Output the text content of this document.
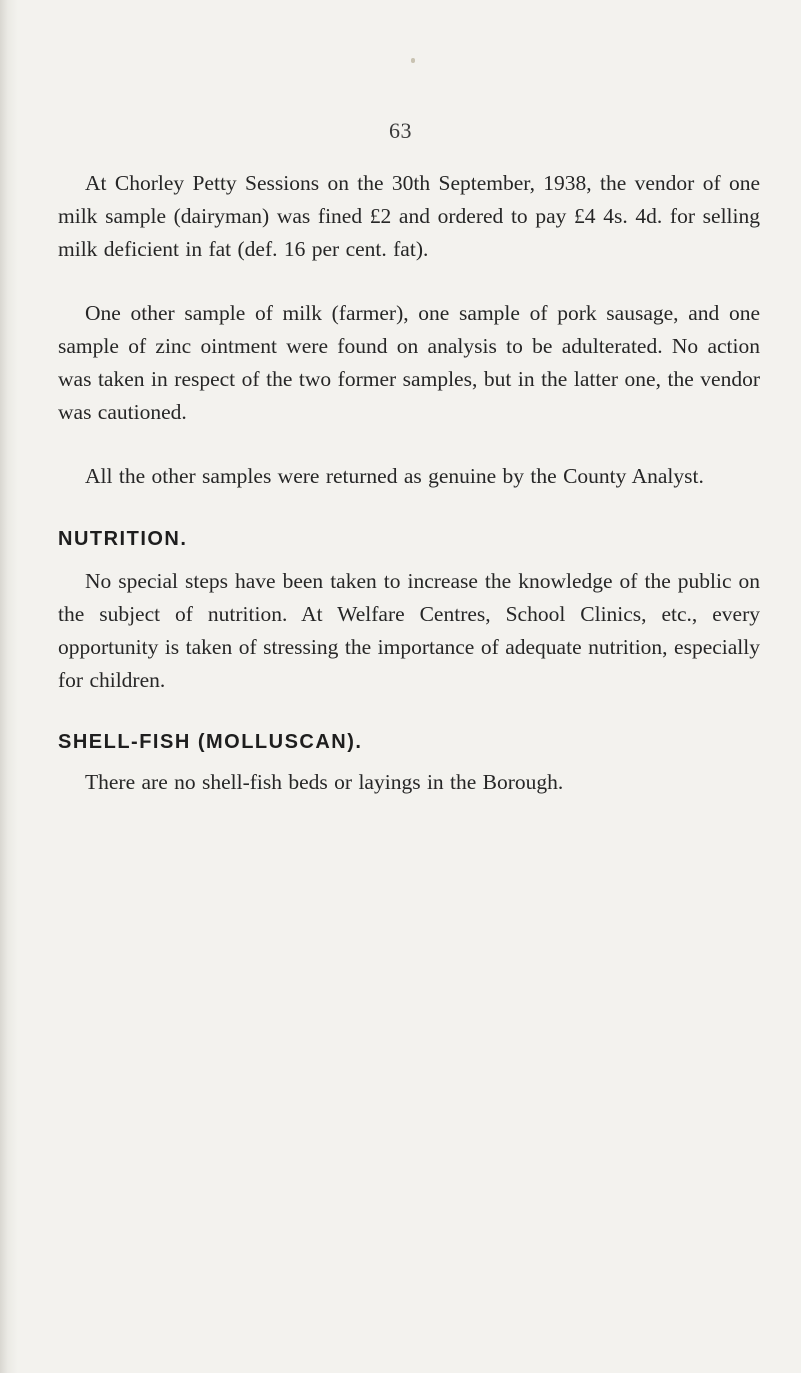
63

At Chorley Petty Sessions on the 30th September, 1938, the vendor of one milk sample (dairyman) was fined £2 and ordered to pay £4 4s. 4d. for selling milk deficient in fat (def. 16 per cent. fat).

One other sample of milk (farmer), one sample of pork sausage, and one sample of zinc ointment were found on analysis to be adulterated. No action was taken in respect of the two former samples, but in the latter one, the vendor was cautioned.

All the other samples were returned as genuine by the County Analyst.

NUTRITION.

No special steps have been taken to increase the knowledge of the public on the subject of nutrition. At Welfare Centres, School Clinics, etc., every opportunity is taken of stressing the importance of adequate nutrition, especially for children.

SHELL-FISH (MOLLUSCAN).

There are no shell-fish beds or layings in the Borough.
